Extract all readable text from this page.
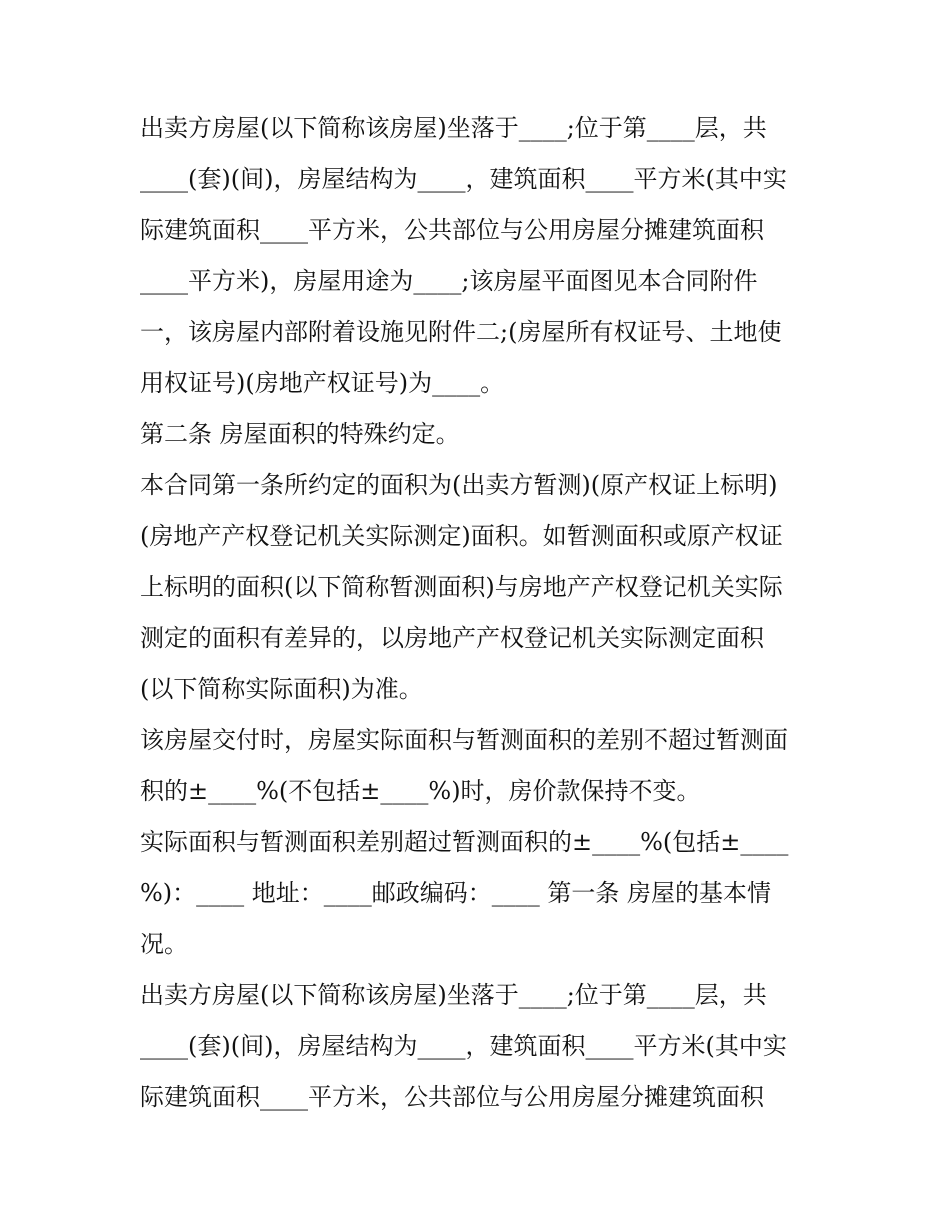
出卖方房屋(以下简称该房屋)坐落于____;位于第____层，共
____(套)(间)，房屋结构为____，建筑面积____平方米(其中实
际建筑面积____平方米，公共部位与公用房屋分摊建筑面积
____平方米)，房屋用途为____;该房屋平面图见本合同附件
一，该房屋内部附着设施见附件二;(房屋所有权证号、土地使
用权证号)(房地产权证号)为____。
第二条 房屋面积的特殊约定。
本合同第一条所约定的面积为(出卖方暂测)(原产权证上标明)
(房地产产权登记机关实际测定)面积。如暂测面积或原产权证
上标明的面积(以下简称暂测面积)与房地产产权登记机关实际
测定的面积有差异的，以房地产产权登记机关实际测定面积
(以下简称实际面积)为准。
该房屋交付时，房屋实际面积与暂测面积的差别不超过暂测面
积的±____%(不包括±____%)时，房价款保持不变。
实际面积与暂测面积差别超过暂测面积的±____%(包括±____
%)：____ 地址：____邮政编码：____ 第一条 房屋的基本情
况。
出卖方房屋(以下简称该房屋)坐落于____;位于第____层，共
____(套)(间)，房屋结构为____，建筑面积____平方米(其中实
际建筑面积____平方米，公共部位与公用房屋分摊建筑面积
